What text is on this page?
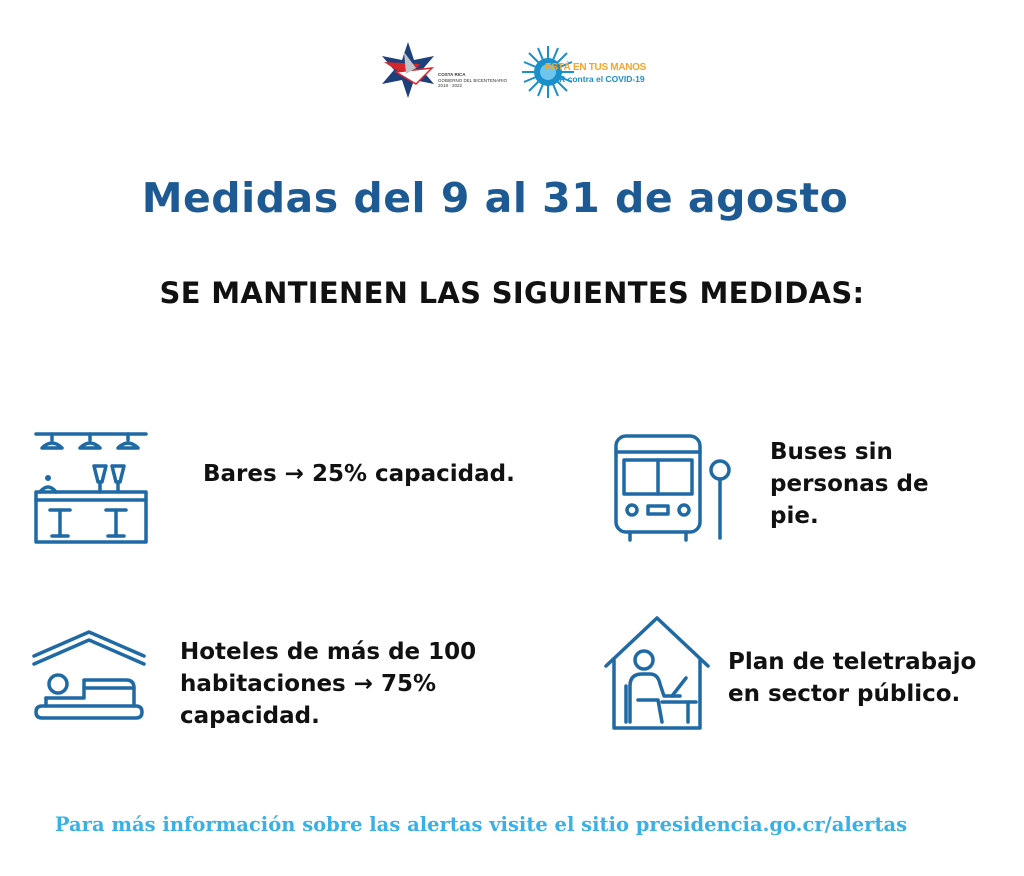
COSTA RICA
GOBIERNO DEL BICENTENARIO
2018 - 2022
ESTÁ EN TUS MANOS
CR contra el COVID-19
Medidas del 9 al 31 de agosto
SE MANTIENEN LAS SIGUIENTES MEDIDAS:
Bares → 25% capacidad.
Buses sin
personas de
pie.
Hoteles de más de 100
habitaciones → 75%
capacidad.
Plan de teletrabajo
en sector público.
Para más información sobre las alertas visite el sitio presidencia.go.cr/alertas
